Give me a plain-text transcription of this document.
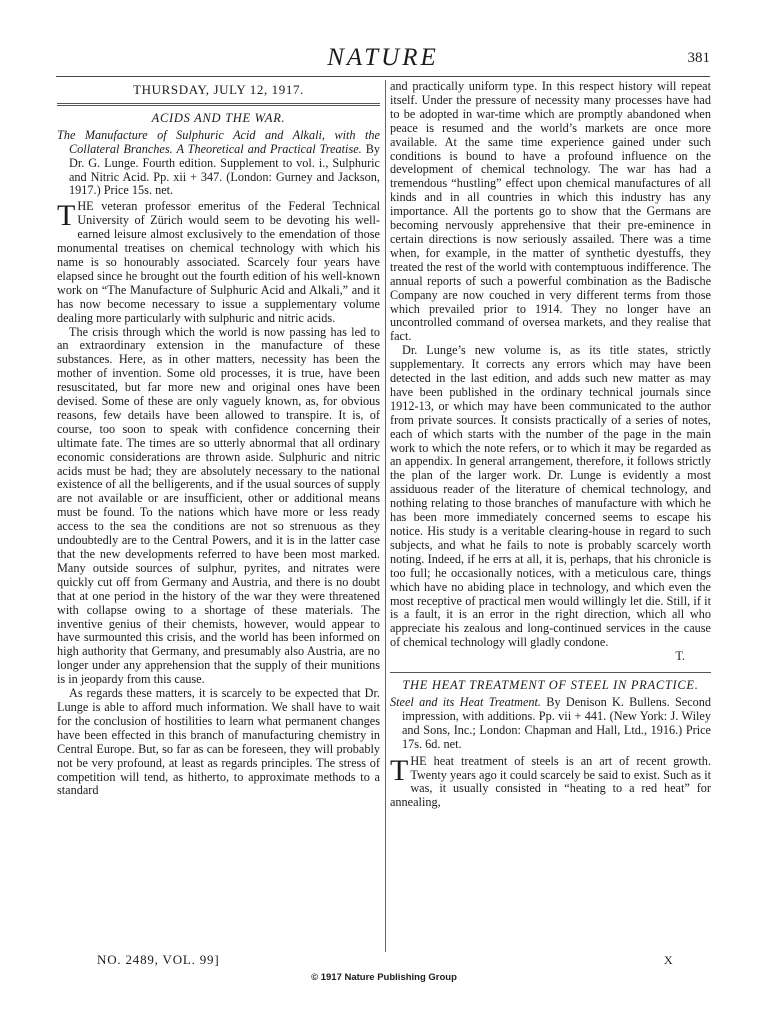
NATURE	381
THURSDAY, JULY 12, 1917.
ACIDS AND THE WAR.
The Manufacture of Sulphuric Acid and Alkali, with the Collateral Branches. A Theoretical and Practical Treatise. By Dr. G. Lunge. Fourth edition. Supplement to vol. i., Sulphuric and Nitric Acid. Pp. xii + 347. (London: Gurney and Jackson, 1917.) Price 15s. net.

THE veteran professor emeritus of the Federal Technical University of Zürich would seem to be devoting his well-earned leisure almost exclusively to the emendation of those monumental treatises on chemical technology with which his name is so honourably associated. Scarcely four years have elapsed since he brought out the fourth edition of his well-known work on “The Manufacture of Sulphuric Acid and Alkali,” and it has now become necessary to issue a supplementary volume dealing more particularly with sulphuric and nitric acids.

The crisis through which the world is now passing has led to an extraordinary extension in the manufacture of these substances. Here, as in other matters, necessity has been the mother of invention. Some old processes, it is true, have been resuscitated, but far more new and original ones have been devised. Some of these are only vaguely known, as, for obvious reasons, few details have been allowed to transpire. It is, of course, too soon to speak with confidence concerning their ultimate fate. The times are so utterly abnormal that all ordinary economic considerations are thrown aside. Sulphuric and nitric acids must be had; they are absolutely necessary to the national existence of all the belligerents, and if the usual sources of supply are not available or are insufficient, other or additional means must be found. To the nations which have more or less ready access to the sea the conditions are not so strenuous as they undoubtedly are to the Central Powers, and it is in the latter case that the new developments referred to have been most marked. Many outside sources of sulphur, pyrites, and nitrates were quickly cut off from Germany and Austria, and there is no doubt that at one period in the history of the war they were threatened with collapse owing to a shortage of these materials. The inventive genius of their chemists, however, would appear to have surmounted this crisis, and the world has been informed on high authority that Germany, and presumably also Austria, are no longer under any apprehension that the supply of their munitions is in jeopardy from this cause.

As regards these matters, it is scarcely to be expected that Dr. Lunge is able to afford much information. We shall have to wait for the conclusion of hostilities to learn what permanent changes have been effected in this branch of manufacturing chemistry in Central Europe. But, so far as can be foreseen, they will probably not be very profound, at least as regards principles. The stress of competition will tend, as hitherto, to approximate methods to a standard

and practically uniform type. In this respect history will repeat itself. Under the pressure of necessity many processes have had to be adopted in war-time which are promptly abandoned when peace is resumed and the world’s markets are once more available. At the same time experience gained under such conditions is bound to have a profound influence on the development of chemical technology. The war has had a tremendous “hustling” effect upon chemical manufactures of all kinds and in all countries in which this industry has any importance. All the portents go to show that the Germans are becoming nervously apprehensive that their pre-eminence in certain directions is now seriously assailed. There was a time when, for example, in the matter of synthetic dyestuffs, they treated the rest of the world with contemptuous indifference. The annual reports of such a powerful combination as the Badische Company are now couched in very different terms from those which prevailed prior to 1914. They no longer have an uncontrolled command of oversea markets, and they realise that fact.

Dr. Lunge’s new volume is, as its title states, strictly supplementary. It corrects any errors which may have been detected in the last edition, and adds such new matter as may have been published in the ordinary technical journals since 1912-13, or which may have been communicated to the author from private sources. It consists practically of a series of notes, each of which starts with the number of the page in the main work to which the note refers, or to which it may be regarded as an appendix. In general arrangement, therefore, it follows strictly the plan of the larger work. Dr. Lunge is evidently a most assiduous reader of the literature of chemical technology, and nothing relating to those branches of manufacture with which he has been more immediately concerned seems to escape his notice. His study is a veritable clearing-house in regard to such subjects, and what he fails to note is probably scarcely worth noting. Indeed, if he errs at all, it is, perhaps, that his chronicle is too full; he occasionally notices, with a meticulous care, things which have no abiding place in technology, and which even the most receptive of practical men would willingly let die. Still, if it is a fault, it is an error in the right direction, which all who appreciate his zealous and long-continued services in the cause of chemical technology will gladly condone.

T.
THE HEAT TREATMENT OF STEEL IN PRACTICE.
Steel and its Heat Treatment. By Denison K. Bullens. Second impression, with additions. Pp. vii + 441. (New York: J. Wiley and Sons, Inc.; London: Chapman and Hall, Ltd., 1916.) Price 17s. 6d. net.

THE heat treatment of steels is an art of recent growth. Twenty years ago it could scarcely be said to exist. Such as it was, it usually consisted in “heating to a red heat” for annealing,

NO. 2489, VOL. 99]	X
© 1917 Nature Publishing Group
